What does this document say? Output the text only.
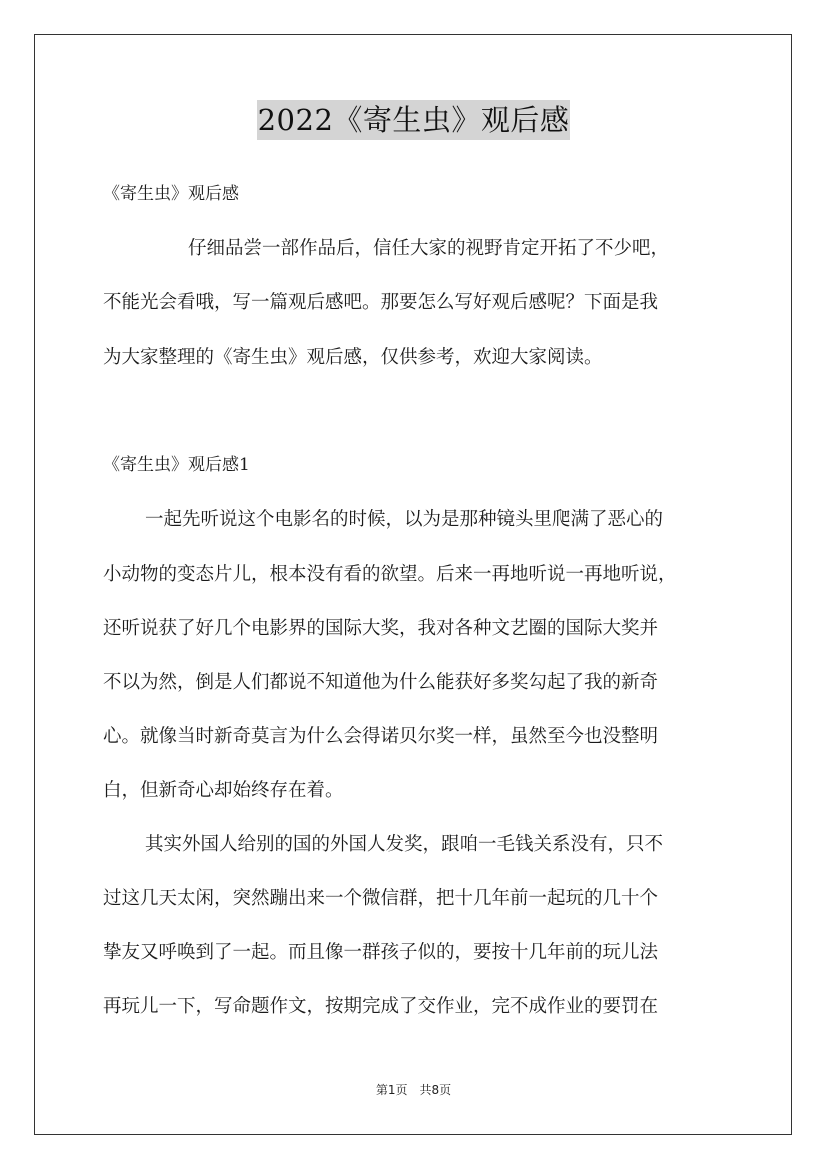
2022《寄生虫》观后感
《寄生虫》观后感
仔细品尝一部作品后，信任大家的视野肯定开拓了不少吧，
不能光会看哦，写一篇观后感吧。那要怎么写好观后感呢？下面是我
为大家整理的《寄生虫》观后感，仅供参考，欢迎大家阅读。
《寄生虫》观后感1
一起先听说这个电影名的时候，以为是那种镜头里爬满了恶心的
小动物的变态片儿，根本没有看的欲望。后来一再地听说一再地听说，
还听说获了好几个电影界的国际大奖，我对各种文艺圈的国际大奖并
不以为然，倒是人们都说不知道他为什么能获好多奖勾起了我的新奇
心。就像当时新奇莫言为什么会得诺贝尔奖一样，虽然至今也没整明
白，但新奇心却始终存在着。
其实外国人给别的国的外国人发奖，跟咱一毛钱关系没有，只不
过这几天太闲，突然蹦出来一个微信群，把十几年前一起玩的几十个
挚友又呼唤到了一起。而且像一群孩子似的，要按十几年前的玩儿法
再玩儿一下，写命题作文，按期完成了交作业，完不成作业的要罚在
第1页　共8页
